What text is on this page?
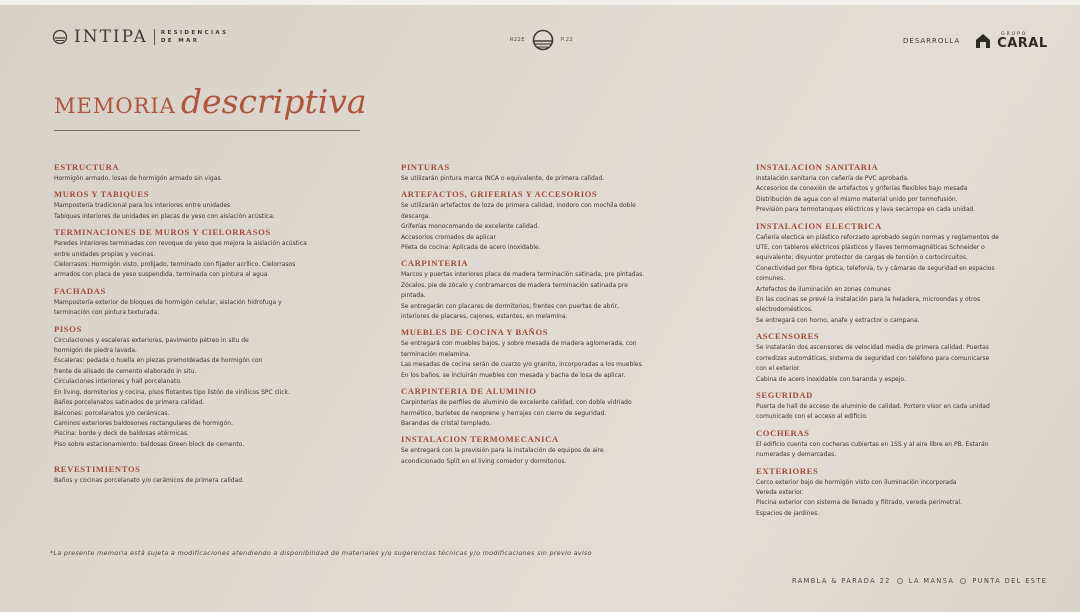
INTIPA RESIDENCIAS
DE MAR	R22E	P.22	DESARROLLA
GRUPO
CARAL
MEMORIA descriptiva
ESTRUCTURA
Hormigón armado, losas de hormigón armado sin vigas.
MUROS Y TABIQUES
Mampostería tradicional para los interiores entre unidades
Tabiques interiores de unidades en placas de yeso con aislación acústica.
TERMINACIONES DE MUROS Y CIELORRASOS
Paredes interiores terminadas con revoque de yeso que mejora la aislación acústica
entre unidades propias y vecinas.
Cielorrasos: Hormigón visto, prolijado, terminado con fijador acrílico. Cielorrasos
armados con placa de yeso suspendida, terminada con pintura al agua.
FACHADAS
Mampostería exterior de bloques de hormigón celular, aislación hidrofuga y
terminación con pintura texturada.
PISOS
Circulaciones y escaleras exteriores, pavimento pétreo in situ de
hormigón de piedra lavada.
Escaleras: pedada o huella en piezas premoldeadas de hormigón con
frente de alisado de cemento elaborado in situ.
Circulaciones interiores y hall porcelanato.
En living, dormitorios y cocina, pisos flotantes tipo listón de vinílicos SPC click.
Baños porcelanatos satinados de primera calidad.
Balcones: porcelanatos y/o cerámicas.
Caminos exteriores baldosones rectangulares de hormigón.
Piscina: borde y deck de baldosas atérmicas.
Piso sobre estacionamiento: baldosas Green block de cemento.
REVESTIMIENTOS
Baños y cocinas porcelanato y/o cerámicos de primera calidad.
PINTURAS
Se utilizarán pintura marca INCA o equivalente, de primera calidad.
ARTEFACTOS, GRIFERIAS Y ACCESORIOS
Se utilizarán artefactos de loza de primera calidad, inodoro con mochila doble
descarga.
Griferías monocomando de excelente calidad.
Accesorios cromados de aplicar
Pileta de cocina: Aplicada de acero inoxidable.
CARPINTERIA
Marcos y puertas interiores placa de madera terminación satinada, pre pintadas.
Zócalos, pie de zócalo y contramarcos de madera terminación satinada pre
pintada.
Se entregarán con placares de dormitorios, frentes con puertas de abrir,
interiores de placares, cajones, estantes, en melamina.
MUEBLES DE COCINA Y BAÑOS
Se entregará con muebles bajos, y sobre mesada de madera aglomerada, con
terminación melamina.
Las mesadas de cocina serán de cuarzo y/o granito, incorporadas a los muebles
En los baños, se incluirán muebles con mesada y bacha de losa de aplicar.
CARPINTERIA DE ALUMINIO
Carpinterías de perfiles de aluminio de excelente calidad, con doble vidriado
hermético, burletes de neoprene y herrajes con cierre de seguridad.
Barandas de cristal templado.
INSTALACION TERMOMECANICA
Se entregará con la previsión para la instalación de equipos de aire
acondicionado Split en el living comedor y dormitorios.
INSTALACION SANITARIA
Instalación sanitaria con cañería de PVC aprobada.
Accesorios de conexión de artefactos y griferías flexibles bajo mesada
Distribución de agua con el mismo material unido por termofusión.
Previsión para termotanques eléctricos y lava secarropa en cada unidad.
INSTALACION ELECTRICA
Cañería electica en plástico reforzado aprobado según normas y reglamentos de
UTE, con tableros eléctricos plásticos y llaves termomagnéticas Schneider o
equivalente; disyuntor protector de cargas de tensión o cortocircuitos.
Conectividad por fibra óptica, telefonía, tv y cámaras de seguridad en espacios
comunes.
Artefactos de iluminación en zonas comunes
En las cocinas se prevé la instalación para la heladera, microondas y otros
electrodomésticos.
Se entregará con horno, anafe y extractor o campana.
ASCENSORES
Se instalarán dos ascensores de velocidad media de primera calidad. Puertas
corredizas automáticas, sistema de seguridad con teléfono para comunicarse
con el exterior.
Cabina de acero inoxidable con baranda y espejo.
SEGURIDAD
Puerta de hall de acceso de aluminio de calidad. Portero visor en cada unidad
comunicado con el acceso al edificio.
COCHERAS
El edificio cuenta con cocheras cubiertas en 1SS y al aire libre en PB. Estarán
numeradas y demarcadas.
EXTERIORES
Cerco exterior bajo de hormigón visto con iluminación incorporada
Vereda exterior.
Piscina exterior con sistema de llenado y filtrado, vereda perimetral.
Espacios de jardines.
*La presente memoria está sujeta a modificaciones atendiendo a disponibilidad de materiales y/o sugerencias técnicas y/o modificaciones sin previo aviso
RAMBLA & PARADA 22	LA MANSA	PUNTA DEL ESTE
